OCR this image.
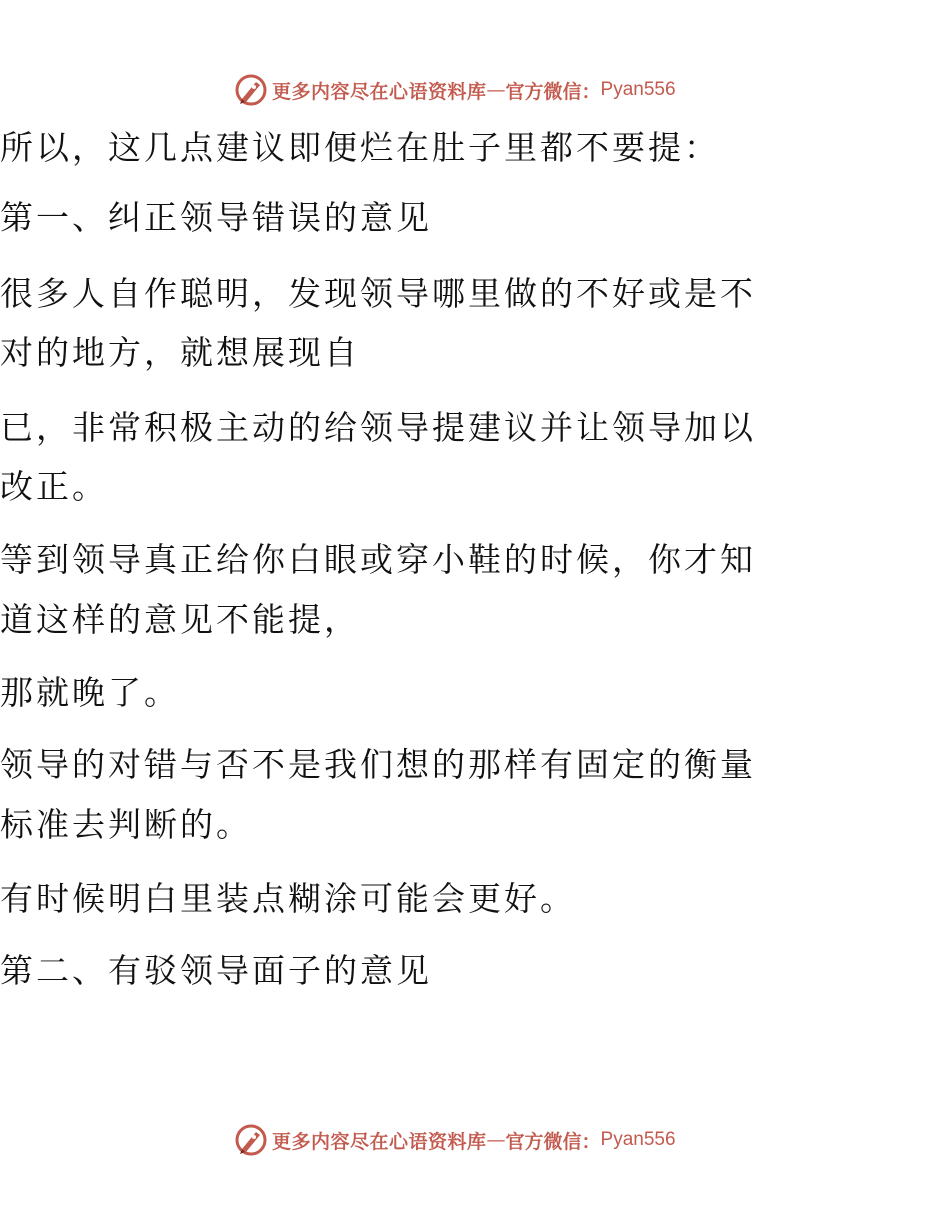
更多内容尽在心语资料库 — 官方微信： Pyan556
所以，这几点建议即便烂在肚子里都不要提：
第一、纠正领导错误的意见
很多人自作聪明，发现领导哪里做的不好或是不
对的地方，就想展现自
已，非常积极主动的给领导提建议并让领导加以
改正。
等到领导真正给你白眼或穿小鞋的时候，你才知
道这样的意见不能提，
那就晚了。
领导的对错与否不是我们想的那样有固定的衡量
标准去判断的。
有时候明白里装点糊涂可能会更好。
第二、有驳领导面子的意见
更多内容尽在心语资料库 — 官方微信： Pyan556
